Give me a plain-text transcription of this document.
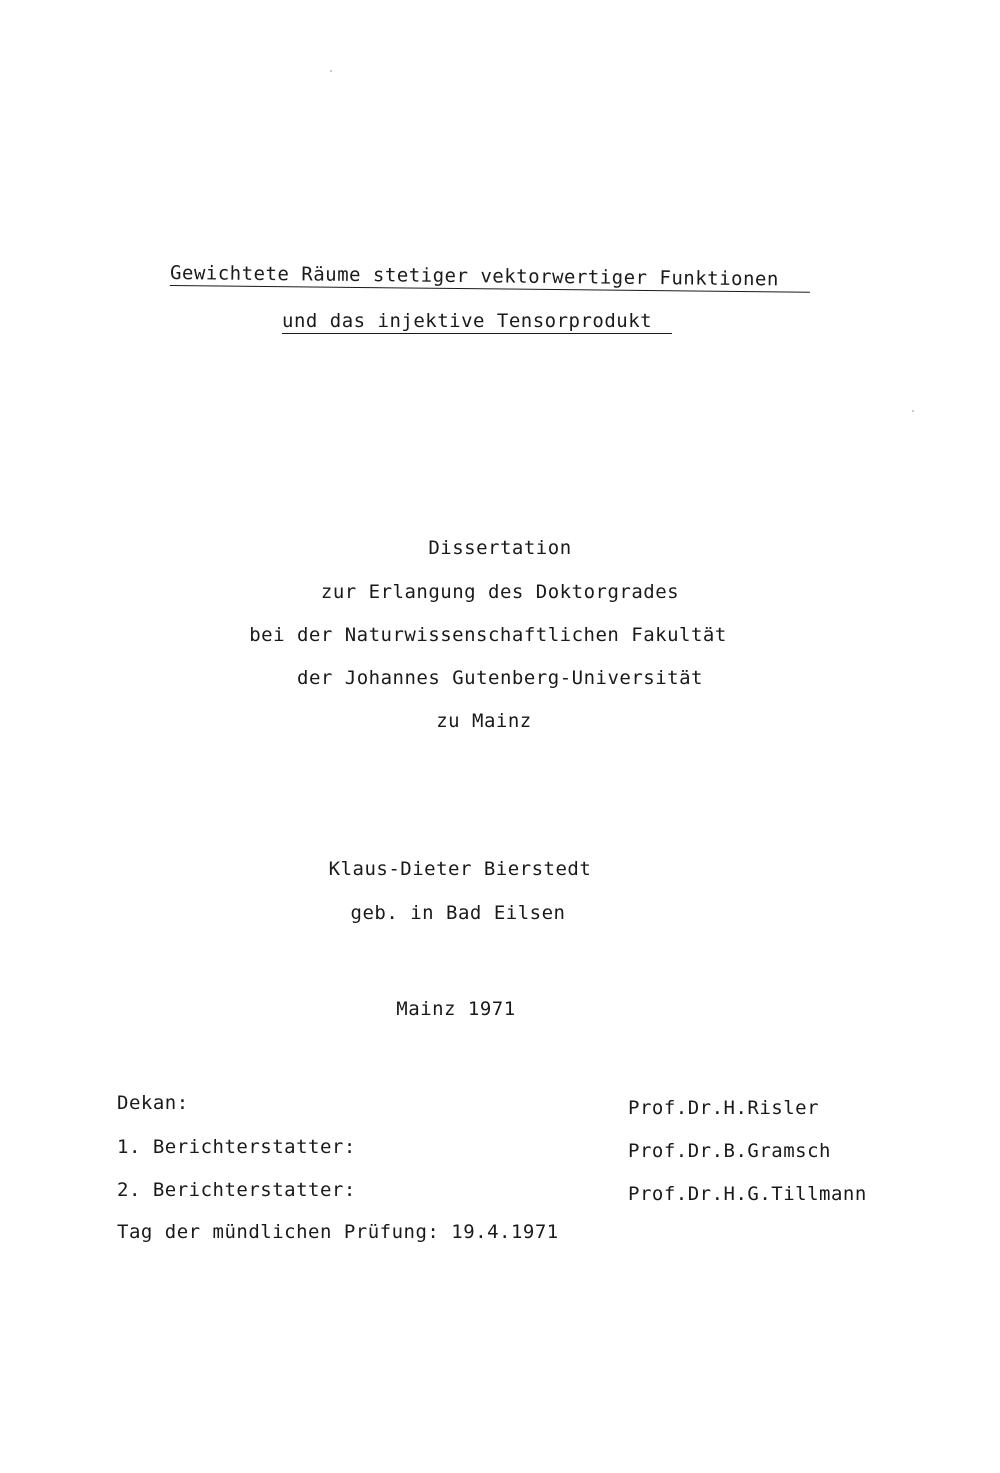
Gewichtete Räume stetiger vektorwertiger Funktionen
und das injektive Tensorprodukt
Dissertation
zur Erlangung des Doktorgrades
bei der Naturwissenschaftlichen Fakultät
der Johannes Gutenberg-Universität
zu Mainz
Klaus-Dieter Bierstedt
geb. in Bad Eilsen
Mainz 1971
Dekan:	Prof.Dr.H.Risler
1. Berichterstatter:	Prof.Dr.B.Gramsch
2. Berichterstatter:	Prof.Dr.H.G.Tillmann
Tag der mündlichen Prüfung: 19.4.1971
